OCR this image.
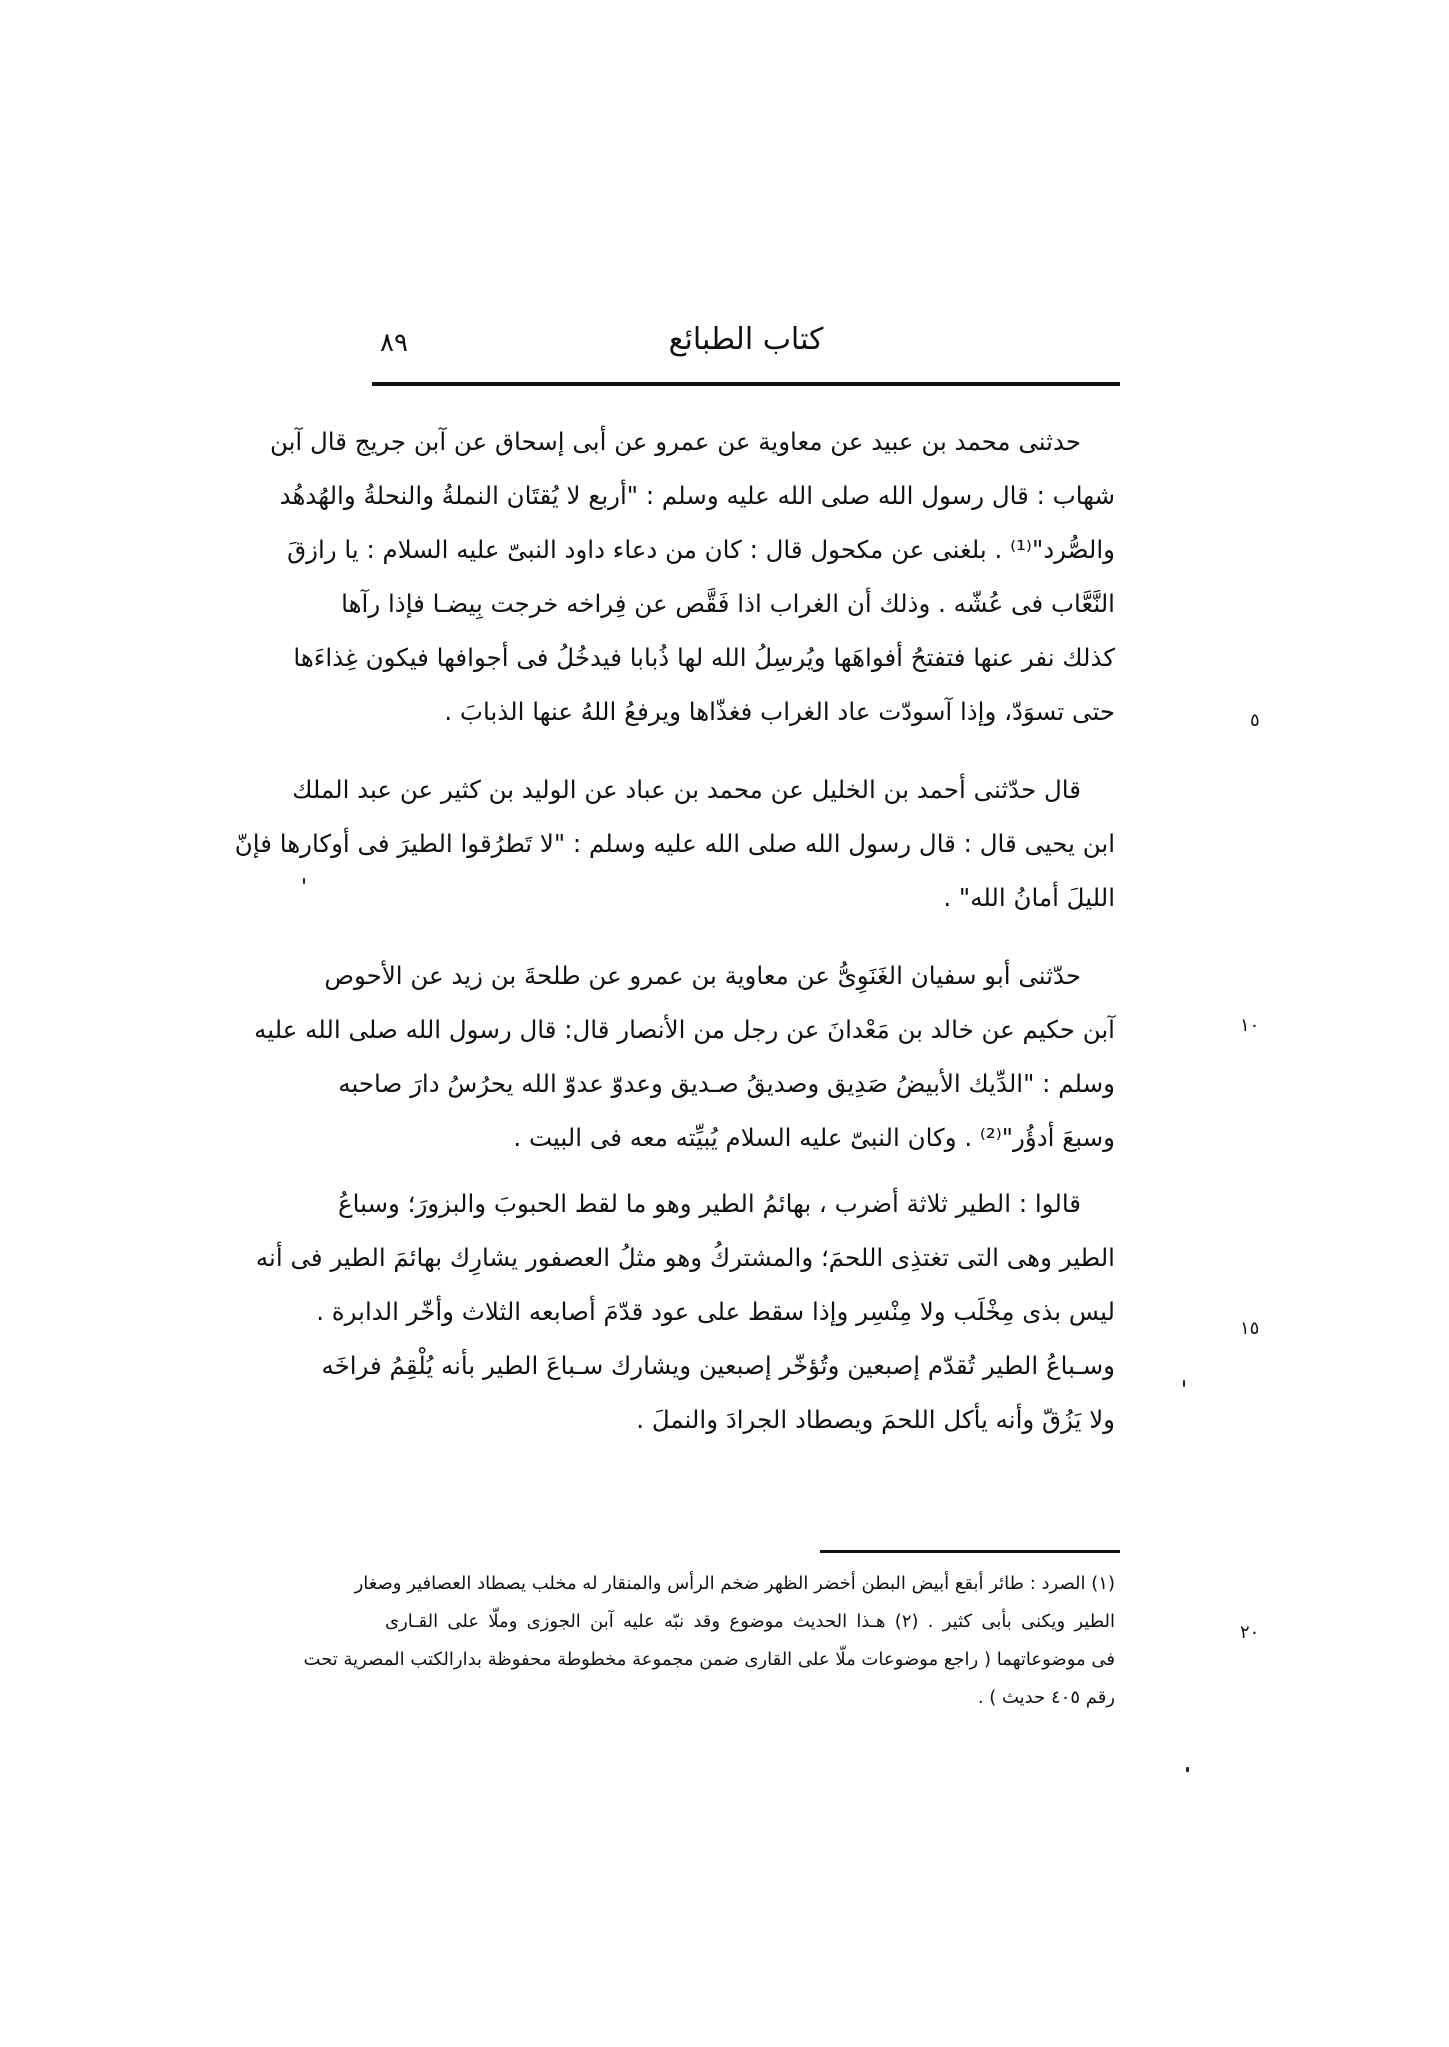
كتاب الطبائع
٨٩
حدثنى محمد بن عبيد عن معاوية عن عمرو عن أبى إسحاق عن آبن جريج قال آبن
شهاب : قال رسول الله صلى الله عليه وسلم : "أربع لا يُقتَان النملةُ والنحلةُ والهُدهُد
والصُّرد"⁽¹⁾ . بلغنى عن مكحول قال : كان من دعاء داود النبىّ عليه السلام : يا رازقَ
النَّعَّاب فى عُشّه . وذلك أن الغراب اذا فَقَّص عن فِراخه خرجت بِيضـا فإذا رآها
كذلك نفر عنها فتفتحُ أفواهَها ويُرسِلُ الله لها ذُبابا فيدخُلُ فى أجوافها فيكون غِذاءَها
حتى تسوَدّ، وإذا آسودّت عاد الغراب فغذّاها ويرفعُ اللهُ عنها الذبابَ .
قال حدّثنى أحمد بن الخليل عن محمد بن عباد عن الوليد بن كثير عن عبد الملك
ابن يحيى قال : قال رسول الله صلى الله عليه وسلم : "لا تَطرُقوا الطيرَ فى أوكارها فإنّ
الليلَ أمانُ الله" .
حدّثنى أبو سفيان الغَنَوِىُّ عن معاوية بن عمرو عن طلحةَ بن زيد عن الأحوص
آبن حكيم عن خالد بن مَعْدانَ عن رجل من الأنصار قال: قال رسول الله صلى الله عليه
وسلم : "الدِّيك الأبيضُ صَدِيق وصديقُ صـديق وعدوّ عدوّ الله يحرُسُ دارَ صاحبه
وسبعَ أدؤُر"⁽²⁾ . وكان النبىّ عليه السلام يُبيِّته معه فى البيت .
قالوا : الطير ثلاثة أضرب ، بهائمُ الطير وهو ما لقط الحبوبَ والبزورَ؛ وسباعُ
الطير وهى التى تغتذِى اللحمَ؛ والمشتركُ وهو مثلُ العصفور يشارِك بهائمَ الطير فى أنه
ليس بذى مِخْلَب ولا مِنْسِر وإذا سقط على عود قدّمَ أصابعه الثلاث وأخّر الدابرة .
وسـباعُ الطير تُقدّم إصبعين وتُؤخّر إصبعين ويشارك سـباعَ الطير بأنه يُلْقِمُ فراخَه
ولا يَزُقّ وأنه يأكل اللحمَ ويصطاد الجرادَ والنملَ .
٥
١٠
١٥
٢٠
(١) الصرد : طائر أبقع أبيض البطن أخضر الظهر ضخم الرأس والمنقار له مخلب يصطاد العصافير وصغار
الطير ويكنى بأبى كثير . (٢) هـذا الحديث موضوع وقد نبّه عليه آبن الجوزى وملّا على القـارى
فى موضوعاتهما ( راجع موضوعات ملّا على القارى ضمن مجموعة مخطوطة محفوظة بدارالكتب المصرية تحت
رقم ٤٠٥ حديث ) .
